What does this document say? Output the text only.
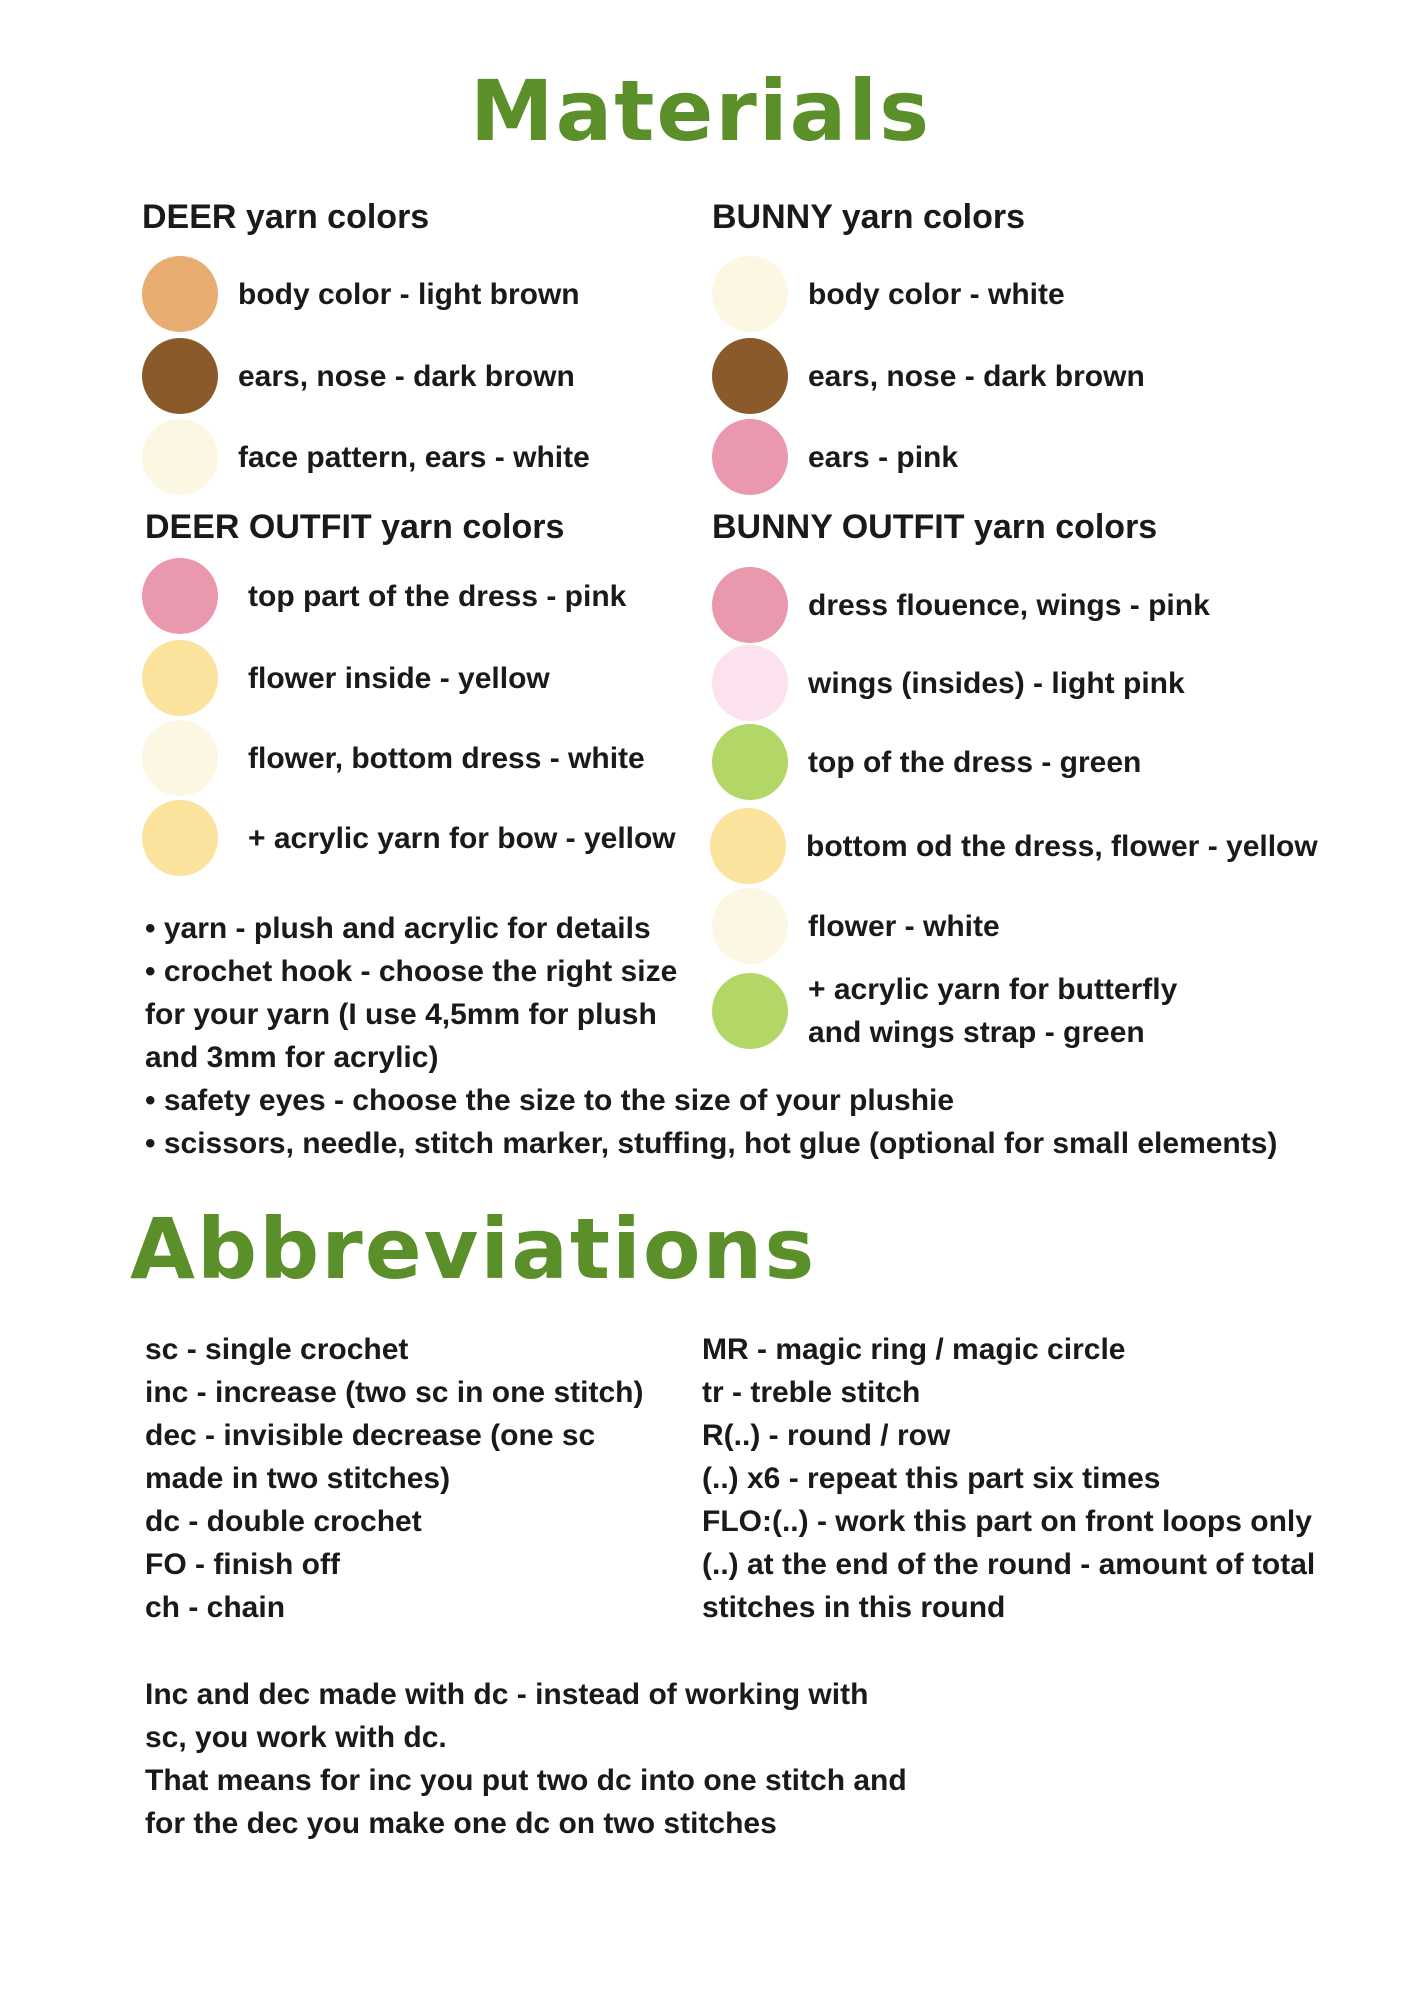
Materials
DEER yarn colors
body color - light brown
ears, nose - dark brown
face pattern, ears - white
BUNNY yarn colors
body color - white
ears, nose - dark brown
ears - pink
DEER OUTFIT yarn colors
top part of the dress - pink
flower inside - yellow
flower, bottom dress - white
+ acrylic yarn for bow - yellow
BUNNY OUTFIT yarn colors
dress flouence, wings - pink
wings (insides) - light pink
top of the dress - green
bottom od the dress, flower - yellow
flower - white
+ acrylic yarn for butterfly
and wings strap - green

• yarn - plush and acrylic for details

• crochet hook - choose the right size

for your yarn (I use 4,5mm for plush

and 3mm for acrylic)

• safety eyes - choose the size to the size of your plushie

• scissors, needle, stitch marker, stuffing, hot glue (optional for small elements)

Abbreviations

sc - single crochet

inc - increase (two sc in one stitch)

dec - invisible decrease (one sc

made in two stitches)

dc - double crochet

FO - finish off

ch - chain

MR - magic ring / magic circle

tr - treble stitch

R(..) - round / row

(..) x6 - repeat this part six times

FLO:(..) - work this part on front loops only

(..) at the end of the round - amount of total

stitches in this round

Inc and dec made with dc - instead of working with

sc, you work with dc.

That means for inc you put two dc into one stitch and

for the dec you make one dc on two stitches
